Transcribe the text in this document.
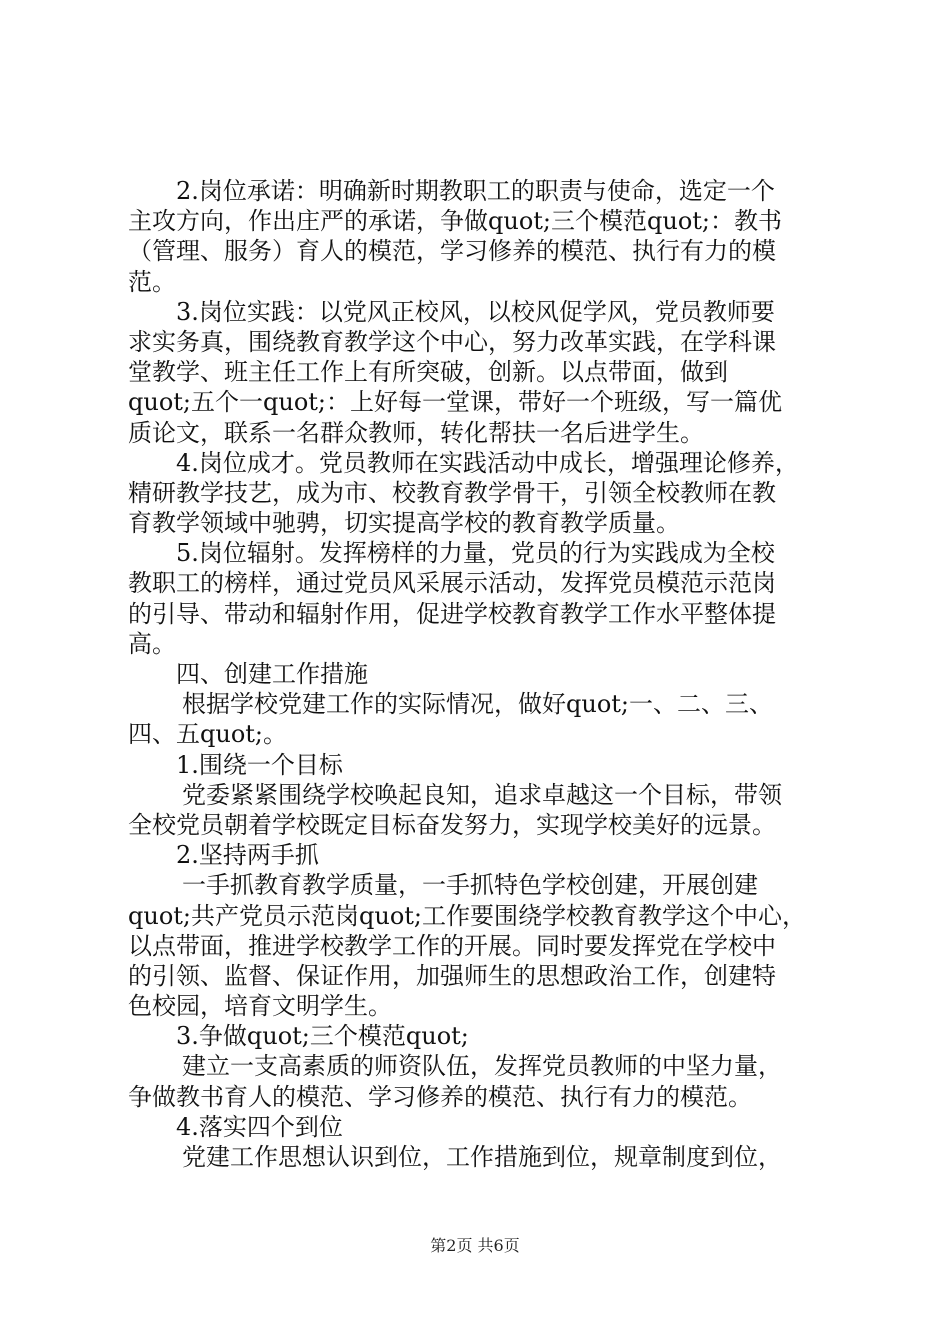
2.岗位承诺：明确新时期教职工的职责与使命，选定一个
主攻方向，作出庄严的承诺，争做quot;三个模范quot;：教书
（管理、服务）育人的模范，学习修养的模范、执行有力的模
范。
3.岗位实践：以党风正校风，以校风促学风，党员教师要
求实务真，围绕教育教学这个中心，努力改革实践，在学科课
堂教学、班主任工作上有所突破，创新。以点带面，做到
quot;五个一quot;：上好每一堂课，带好一个班级，写一篇优
质论文，联系一名群众教师，转化帮扶一名后进学生。
4.岗位成才。党员教师在实践活动中成长，增强理论修养，
精研教学技艺，成为市、校教育教学骨干，引领全校教师在教
育教学领域中驰骋，切实提高学校的教育教学质量。
5.岗位辐射。发挥榜样的力量，党员的行为实践成为全校
教职工的榜样，通过党员风采展示活动，发挥党员模范示范岗
的引导、带动和辐射作用，促进学校教育教学工作水平整体提
高。
四、创建工作措施
根据学校党建工作的实际情况，做好quot;一、二、三、
四、五quot;。
1.围绕一个目标
党委紧紧围绕学校唤起良知，追求卓越这一个目标，带领
全校党员朝着学校既定目标奋发努力，实现学校美好的远景。
2.坚持两手抓
一手抓教育教学质量，一手抓特色学校创建，开展创建
quot;共产党员示范岗quot;工作要围绕学校教育教学这个中心，
以点带面，推进学校教学工作的开展。同时要发挥党在学校中
的引领、监督、保证作用，加强师生的思想政治工作，创建特
色校园，培育文明学生。
3.争做quot;三个模范quot;
建立一支高素质的师资队伍，发挥党员教师的中坚力量，
争做教书育人的模范、学习修养的模范、执行有力的模范。
4.落实四个到位
党建工作思想认识到位，工作措施到位，规章制度到位，
第2页 共6页
